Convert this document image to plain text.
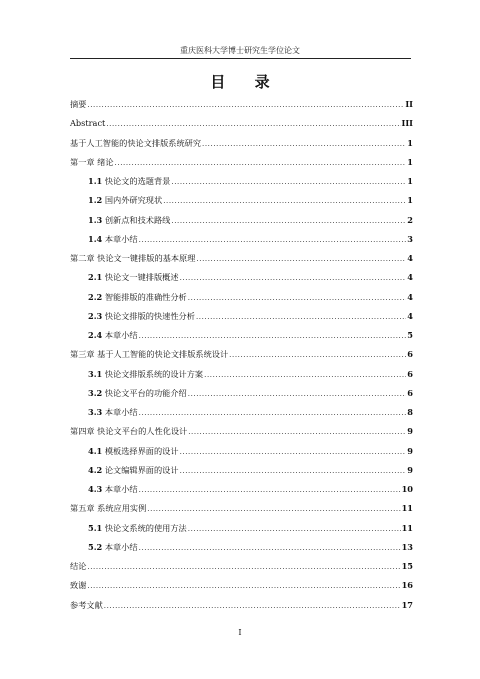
重庆医科大学博士研究生学位论文
目 录
摘要 .....	II
Abstract .....	III
基于人工智能的快论文排版系统研究 .....	1
第一章 绪论 .....	1
1.1 快论文的选题背景 .....	1
1.2 国内外研究现状 .....	1
1.3 创新点和技术路线 .....	2
1.4 本章小结 .....	3
第二章 快论文一键排版的基本原理 .....	4
2.1 快论文一键排版概述 .....	4
2.2 智能排版的准确性分析 .....	4
2.3 快论文排版的快速性分析 .....	4
2.4 本章小结 .....	5
第三章 基于人工智能的快论文排版系统设计 .....	6
3.1 快论文排版系统的设计方案 .....	6
3.2 快论文平台的功能介绍 .....	6
3.3 本章小结 .....	8
第四章 快论文平台的人性化设计 .....	9
4.1 模板选择界面的设计 .....	9
4.2 论文编辑界面的设计 .....	9
4.3 本章小结 .....	10
第五章 系统应用实例 .....	11
5.1 快论文系统的使用方法 .....	11
5.2 本章小结 .....	13
结论 .....	15
致谢 .....	16
参考文献 .....	17
I
